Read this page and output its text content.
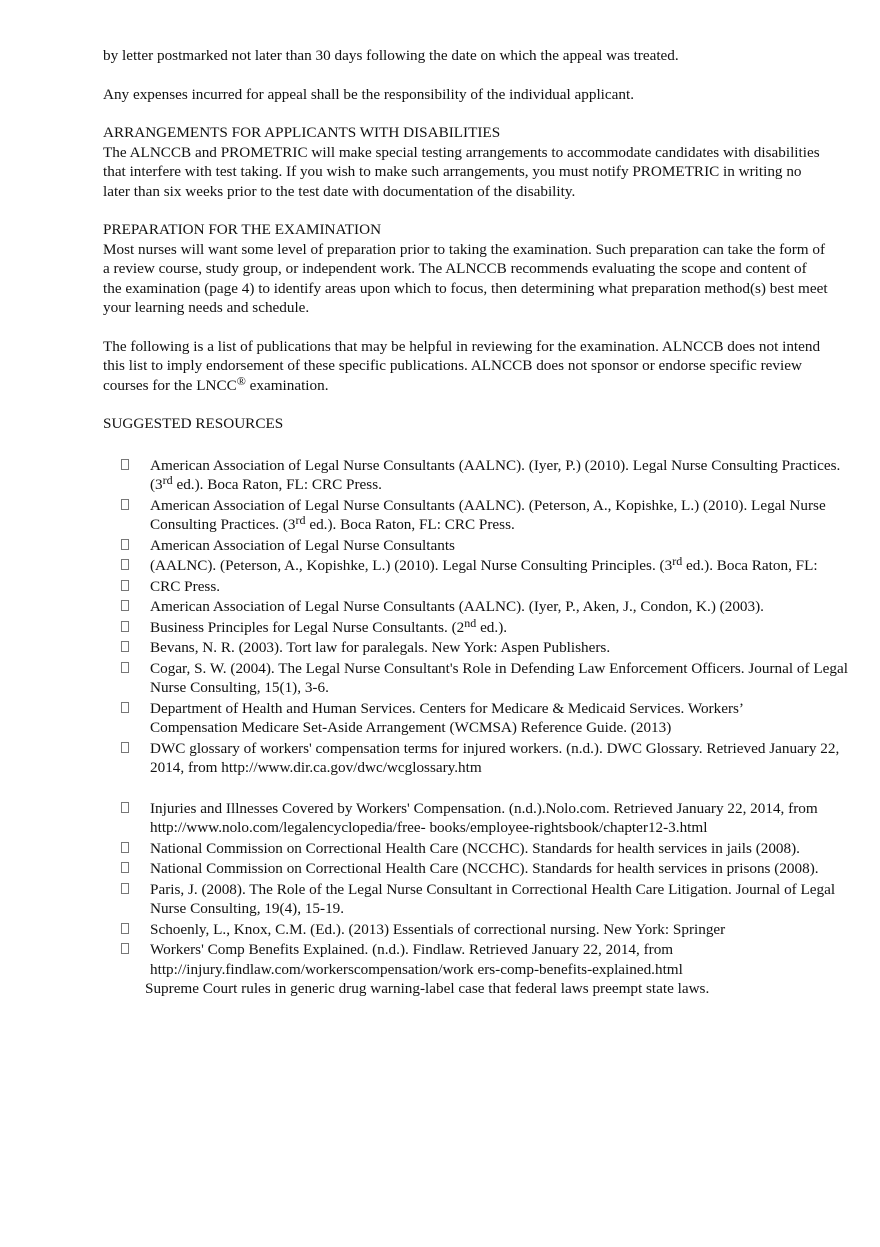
by letter postmarked not later than 30 days following the date on which the appeal was treated.

Any expenses incurred for appeal shall be the responsibility of the individual applicant.

ARRANGEMENTS FOR APPLICANTS WITH DISABILITIES

The ALNCCB and PROMETRIC will make special testing arrangements to accommodate candidates with disabilities that interfere with test taking. If you wish to make such arrangements, you must notify PROMETRIC in writing no later than six weeks prior to the test date with documentation of the disability.

PREPARATION FOR THE EXAMINATION

Most nurses will want some level of preparation prior to taking the examination. Such preparation can take the form of a review course, study group, or independent work. The ALNCCB recommends evaluating the scope and content of the examination (page 4) to identify areas upon which to focus, then determining what preparation method(s) best meet your learning needs and schedule.

The following is a list of publications that may be helpful in reviewing for the examination. ALNCCB does not intend this list to imply endorsement of these specific publications. ALNCCB does not sponsor or endorse specific review courses for the LNCC® examination.

SUGGESTED RESOURCES

American Association of Legal Nurse Consultants (AALNC). (Iyer, P.) (2010). Legal Nurse Consulting Practices. (3rd ed.). Boca Raton, FL: CRC Press.
American Association of Legal Nurse Consultants (AALNC). (Peterson, A., Kopishke, L.) (2010). Legal Nurse Consulting Practices. (3rd ed.). Boca Raton, FL: CRC Press.
American Association of Legal Nurse Consultants
(AALNC). (Peterson, A., Kopishke, L.) (2010). Legal Nurse Consulting Principles. (3rd ed.). Boca Raton, FL:
CRC Press.
American Association of Legal Nurse Consultants (AALNC). (Iyer, P., Aken, J., Condon, K.) (2003).
Business Principles for Legal Nurse Consultants. (2nd ed.).
Bevans, N. R. (2003). Tort law for paralegals. New York: Aspen Publishers.
Cogar, S. W. (2004). The Legal Nurse Consultant's Role in Defending Law Enforcement Officers. Journal of Legal Nurse Consulting, 15(1), 3-6.
Department of Health and Human Services. Centers for Medicare & Medicaid Services. Workers’ Compensation Medicare Set-Aside Arrangement (WCMSA) Reference Guide. (2013)
DWC glossary of workers' compensation terms for injured workers. (n.d.). DWC Glossary. Retrieved January 22, 2014, from http://www.dir.ca.gov/dwc/wcglossary.htm
Injuries and Illnesses Covered by Workers' Compensation. (n.d.).Nolo.com. Retrieved January 22, 2014, from http://www.nolo.com/legalencyclopedia/free- books/employee-rightsbook/chapter12-3.html
National Commission on Correctional Health Care (NCCHC). Standards for health services in jails (2008).
National Commission on Correctional Health Care (NCCHC). Standards for health services in prisons (2008).
Paris, J. (2008). The Role of the Legal Nurse Consultant in Correctional Health Care Litigation. Journal of Legal Nurse Consulting, 19(4), 15-19.
Schoenly, L., Knox, C.M. (Ed.). (2013) Essentials of correctional nursing. New York: Springer
Workers' Comp Benefits Explained. (n.d.). Findlaw. Retrieved January 22, 2014, from http://injury.findlaw.com/workerscompensation/work ers-comp-benefits-explained.html

Supreme Court rules in generic drug warning-label case that federal laws preempt state laws.
